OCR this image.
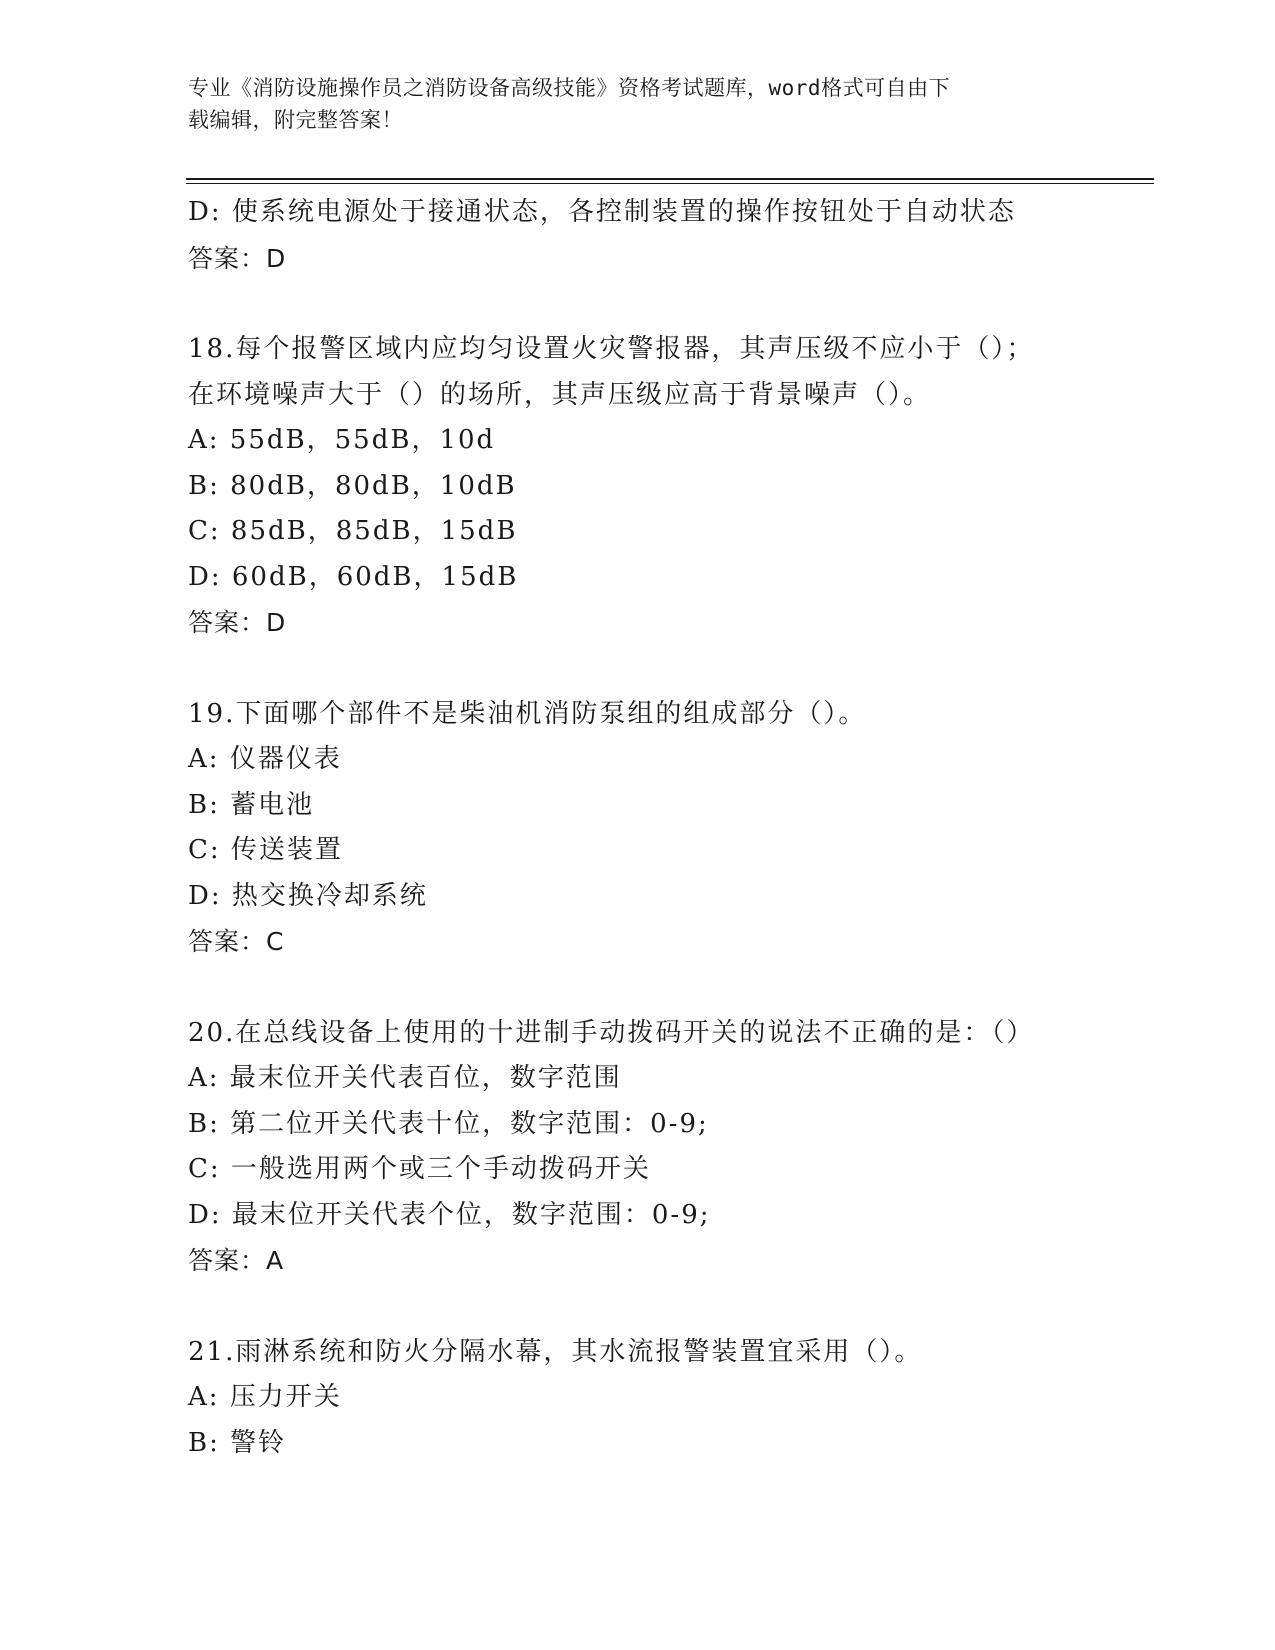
专业《消防设施操作员之消防设备高级技能》资格考试题库，word格式可自由下
载编辑，附完整答案！
D: 使系统电源处于接通状态，各控制装置的操作按钮处于自动状态
答案：D
18.每个报警区域内应均匀设置火灾警报器，其声压级不应小于（）；
在环境噪声大于（）的场所，其声压级应高于背景噪声（）。
A: 55dB，55dB，10d
B: 80dB，80dB，10dB
C: 85dB，85dB，15dB
D: 60dB，60dB，15dB
答案：D
19.下面哪个部件不是柴油机消防泵组的组成部分（）。
A: 仪器仪表
B: 蓄电池
C: 传送装置
D: 热交换冷却系统
答案：C
20.在总线设备上使用的十进制手动拨码开关的说法不正确的是：（）
A: 最末位开关代表百位，数字范围
B: 第二位开关代表十位，数字范围：0-9;
C: 一般选用两个或三个手动拨码开关
D: 最末位开关代表个位，数字范围：0-9;
答案：A
21.雨淋系统和防火分隔水幕，其水流报警装置宜采用（）。
A: 压力开关
B: 警铃
